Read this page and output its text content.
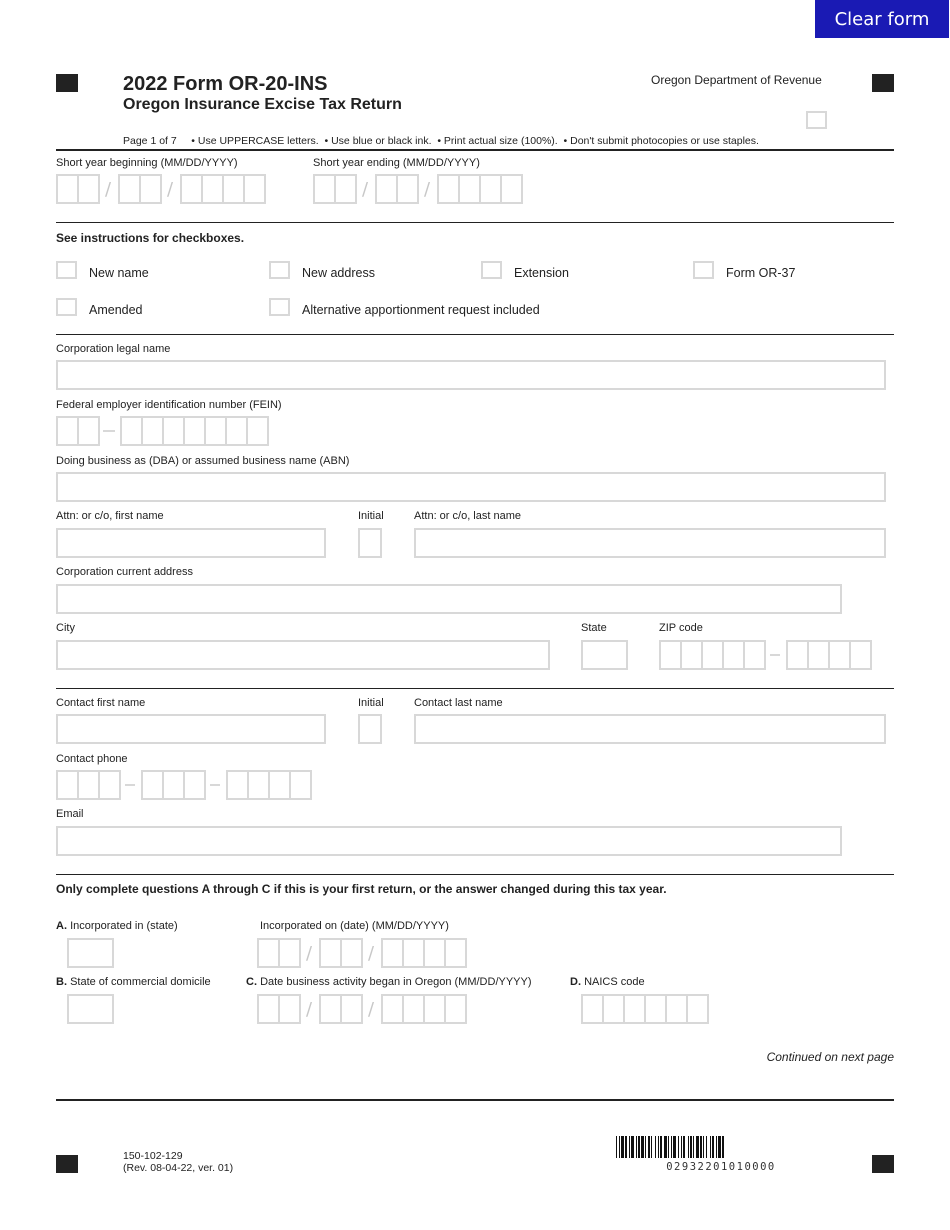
Clear form
2022 Form OR-20-INS
Oregon Insurance Excise Tax Return
Oregon Department of Revenue
Page 1 of 7     • Use UPPERCASE letters.  • Use blue or black ink.  • Print actual size (100%).  • Don't submit photocopies or use staples.
Short year beginning (MM/DD/YYYY)	Short year ending (MM/DD/YYYY)
/	/	/	/
See instructions for checkboxes.
New name	New address	Extension	Form OR-37
Amended	Alternative apportionment request included
Corporation legal name
Federal employer identification number (FEIN)
Doing business as (DBA) or assumed business name (ABN)
Attn: or c/o, first name	Initial	Attn: or c/o, last name
Corporation current address
City	State	ZIP code
Contact first name	Initial	Contact last name
Contact phone
Email
Only complete questions A through C if this is your first return, or the answer changed during this tax year.
A. Incorporated in (state)	Incorporated on (date) (MM/DD/YYYY)
/	/
B. State of commercial domicile	C. Date business activity began in Oregon (MM/DD/YYYY)	D. NAICS code
/	/
Continued on next page
150-102-129
(Rev. 08-04-22, ver. 01)	02932201010000
